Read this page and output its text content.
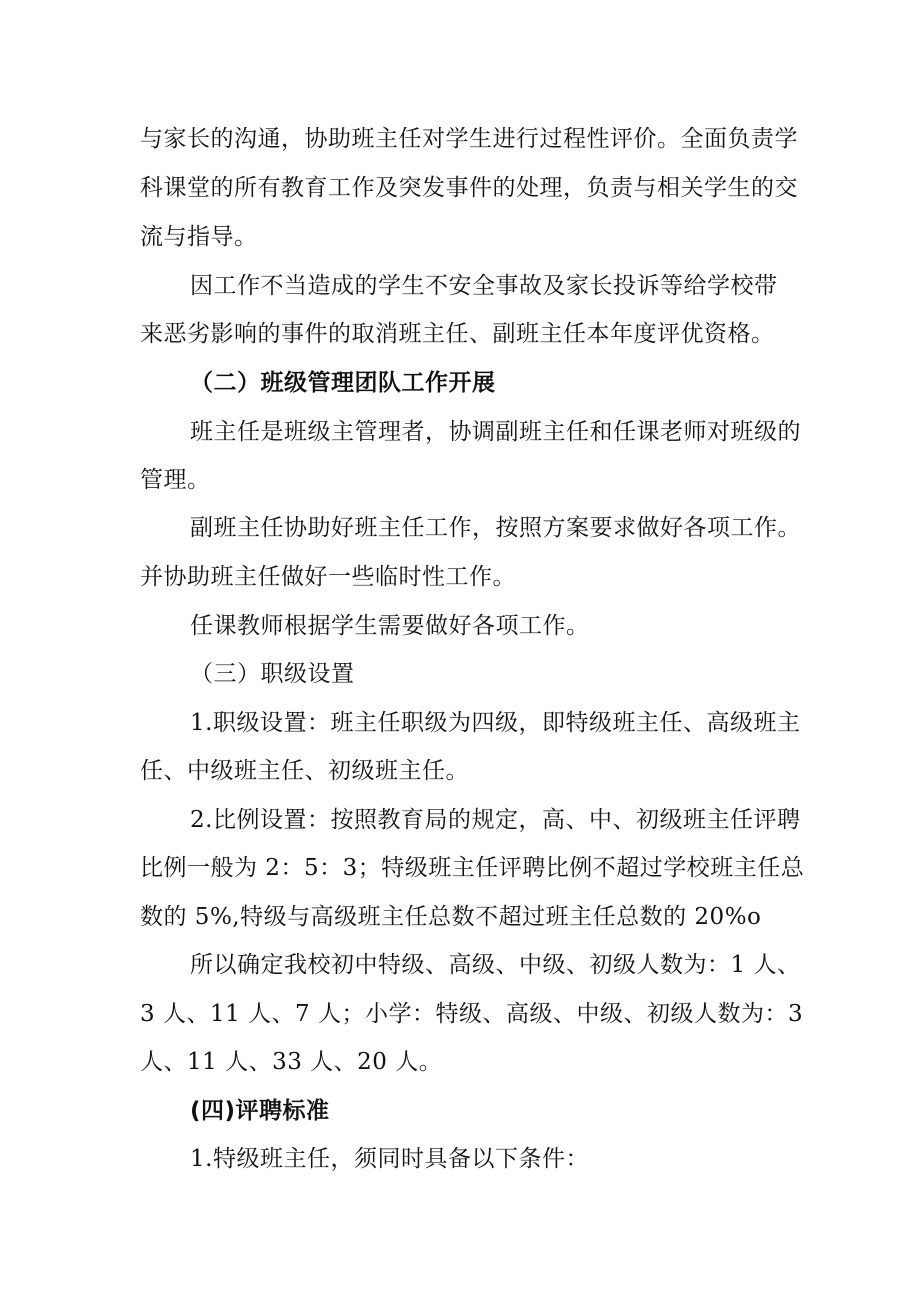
与家长的沟通，协助班主任对学生进行过程性评价。全面负责学

科课堂的所有教育工作及突发事件的处理，负责与相关学生的交

流与指导。

因工作不当造成的学生不安全事故及家长投诉等给学校带

来恶劣影响的事件的取消班主任、副班主任本年度评优资格。

（二）班级管理团队工作开展

班主任是班级主管理者，协调副班主任和任课老师对班级的

管理。

副班主任协助好班主任工作，按照方案要求做好各项工作。

并协助班主任做好一些临时性工作。

任课教师根据学生需要做好各项工作。

（三）职级设置

1.职级设置：班主任职级为四级，即特级班主任、高级班主

任、中级班主任、初级班主任。

2.比例设置：按照教育局的规定，高、中、初级班主任评聘

比例一般为 2：5：3；特级班主任评聘比例不超过学校班主任总

数的 5%,特级与高级班主任总数不超过班主任总数的 20%o

所以确定我校初中特级、高级、中级、初级人数为：1 人、

3 人、11 人、7 人；小学：特级、高级、中级、初级人数为：3

人、11 人、33 人、20 人。

(四)评聘标准

1.特级班主任，须同时具备以下条件：
